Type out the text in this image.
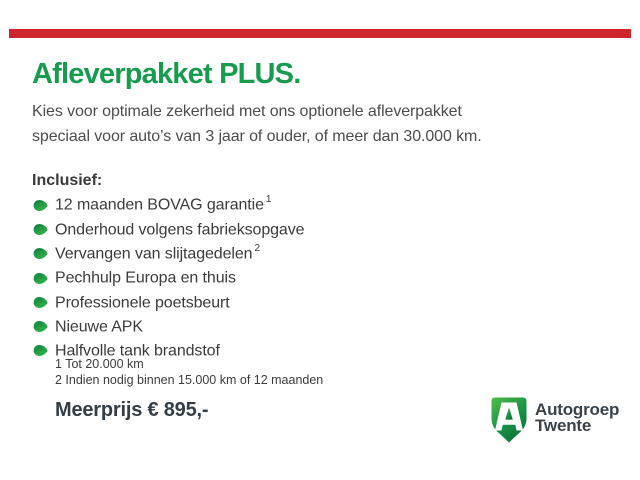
Afleverpakket PLUS.

Kies voor optimale zekerheid met ons optionele afleverpakket
speciaal voor auto’s van 3 jaar of ouder, of meer dan 30.000 km.

Inclusief:
12 maanden BOVAG garantie $^1$
Onderhoud volgens fabrieksopgave
Vervangen van slijtagedelen $^2$
Pechhulp Europa en thuis
Professionele poetsbeurt
Nieuwe APK
Halfvolle tank brandstof
1 Tot 20.000 km
2 Indien nodig binnen 15.000 km of 12 maanden
Meerprijs € 895,-	Autogroep
Twente
